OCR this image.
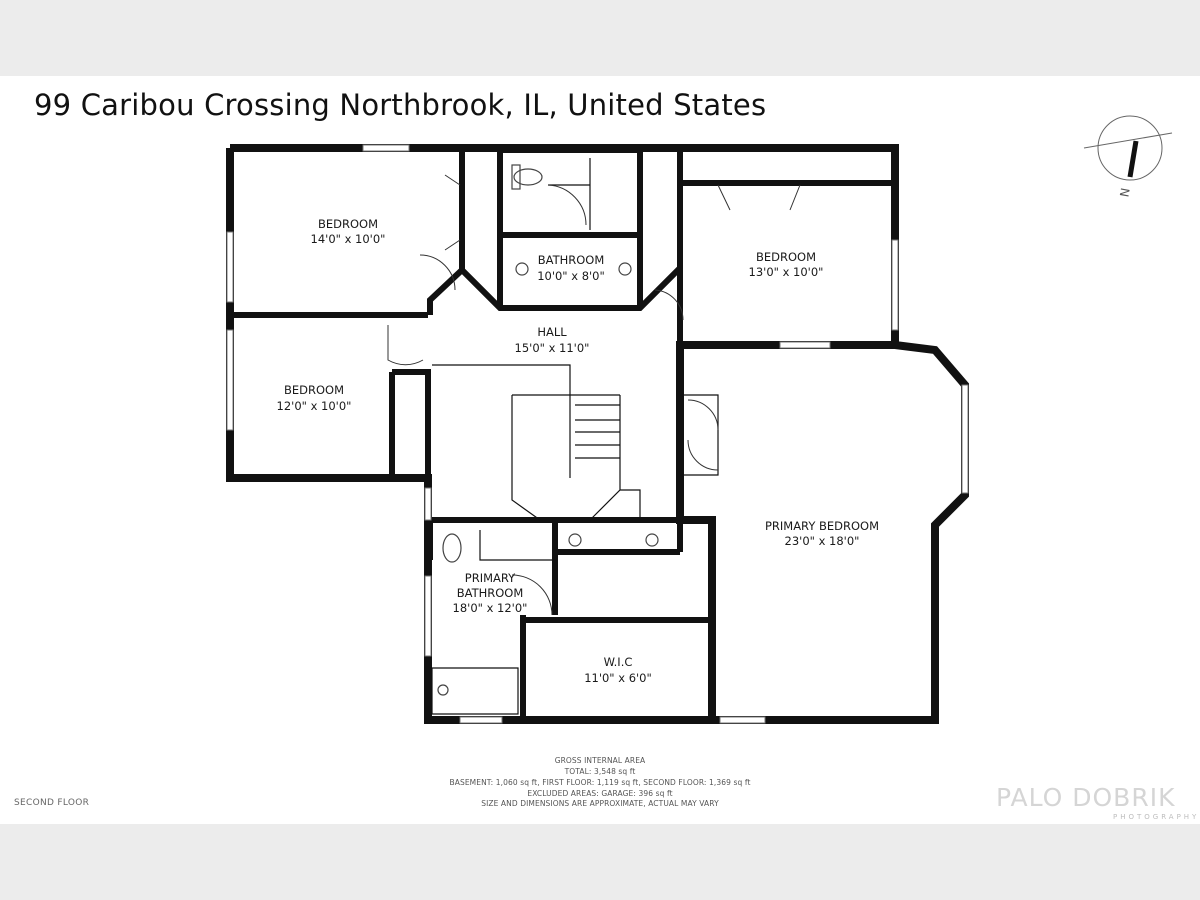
99 Caribou Crossing Northbrook, IL, United States
N
BEDROOM
14'0" x 10'0"
BATHROOM
10'0" x 8'0"
BEDROOM
13'0" x 10'0"
HALL
15'0" x 11'0"
BEDROOM
12'0" x 10'0"
PRIMARY BEDROOM
23'0" x 18'0"
PRIMARY
BATHROOM
18'0" x 12'0"
W.I.C
11'0" x 6'0"
GROSS INTERNAL AREA
TOTAL: 3,548 sq ft
BASEMENT: 1,060 sq ft, FIRST FLOOR: 1,119 sq ft, SECOND FLOOR: 1,369 sq ft
EXCLUDED AREAS: GARAGE: 396 sq ft
SIZE AND DIMENSIONS ARE APPROXIMATE, ACTUAL MAY VARY
SECOND FLOOR	PALO DOBRIK
PHOTOGRAPHY
